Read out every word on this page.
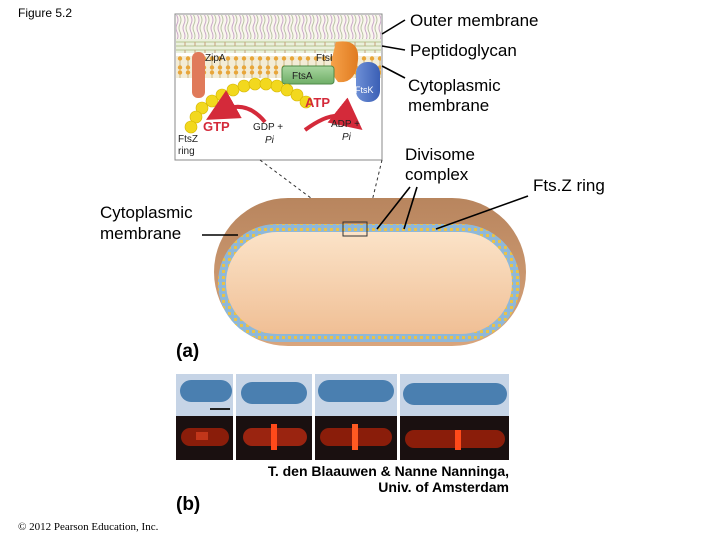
Figure 5.2
ZipA	FtsI
FtsA
FtsK
ATP
GTP GDP +
Pi
ADP +
Pi
FtsZ
ring
Outer membrane
Peptidoglycan
Cytoplasmic
membrane
Divisome
complex
Fts.Z ring
Cytoplasmic
membrane
(a)
(b)
T. den Blaauwen & Nanne Nanninga,
Univ. of Amsterdam
© 2012 Pearson Education, Inc.
